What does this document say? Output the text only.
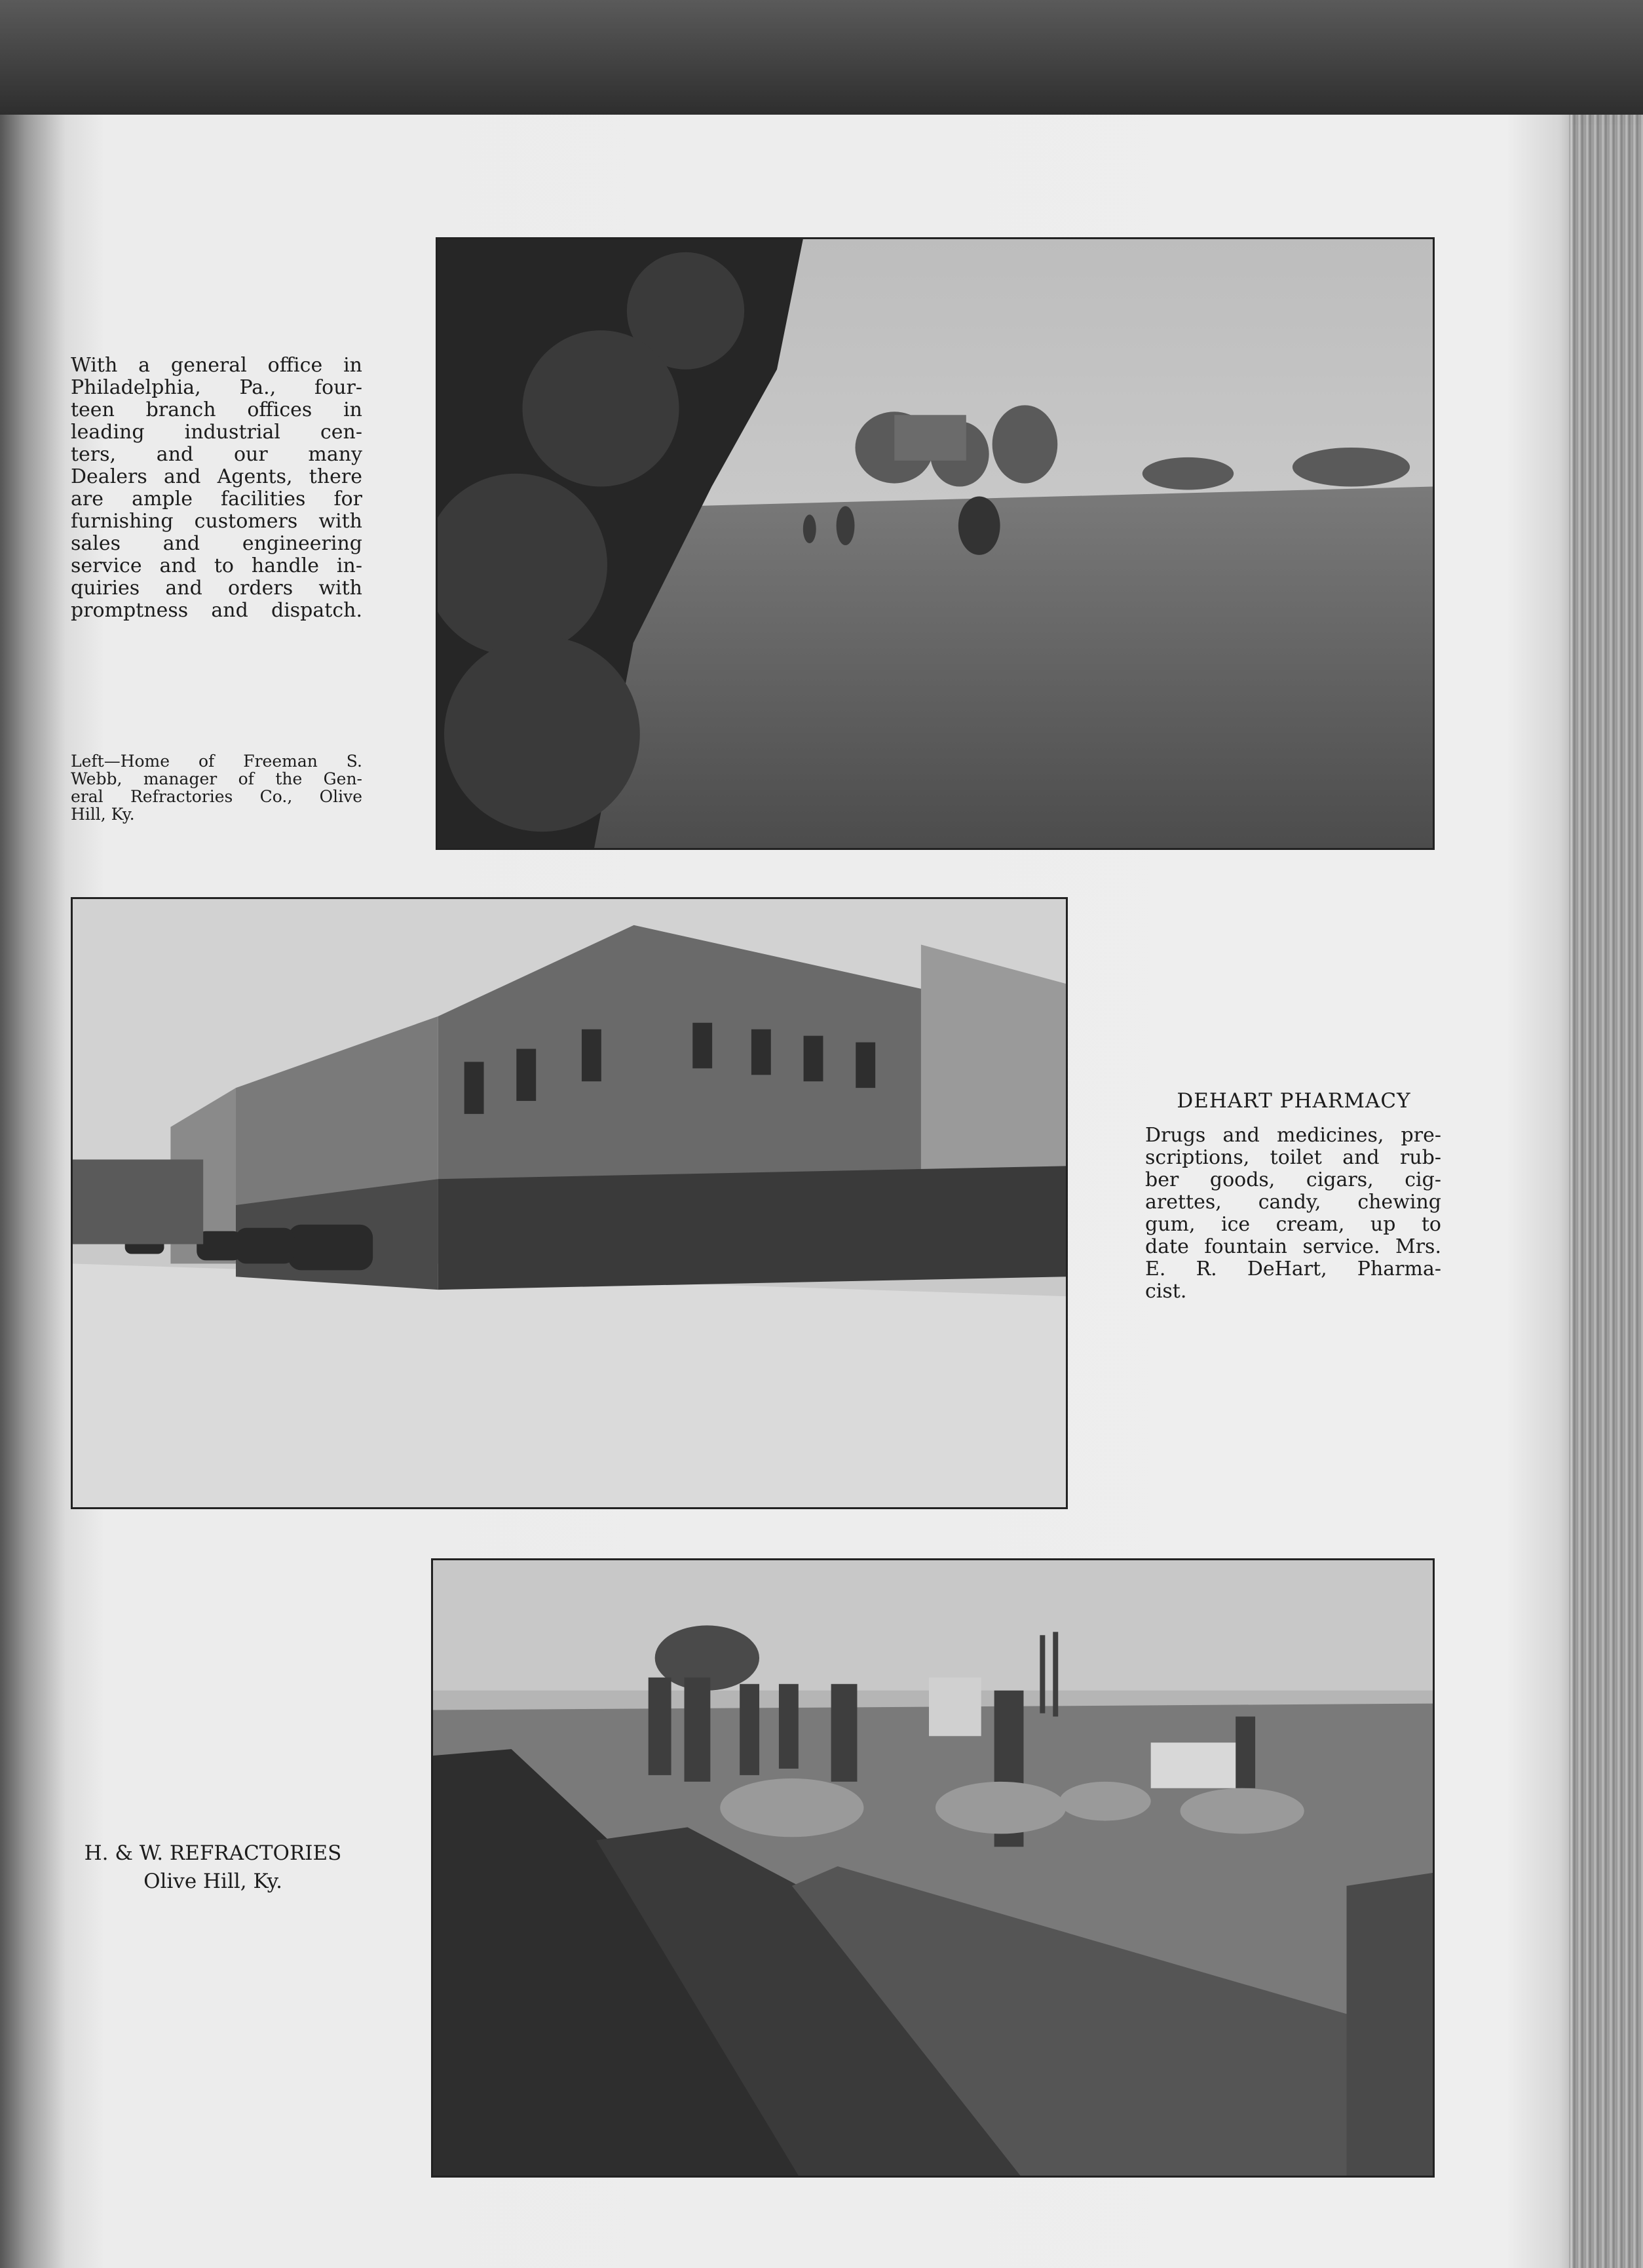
With a general office in
Philadelphia, Pa., four-
teen branch offices in
leading industrial cen-
ters, and our many
Dealers and Agents, there
are ample facilities for
furnishing customers with
sales and engineering
service and to handle in-
quiries and orders with
promptness and dispatch.
Left—Home of Freeman S.
Webb, manager of the Gen-
eral Refractories Co., Olive
Hill, Ky.
DEHART PHARMACY
Drugs and medicines, pre-
scriptions, toilet and rub-
ber goods, cigars, cig-
arettes, candy, chewing
gum, ice cream, up to
date fountain service. Mrs.
E. R. DeHart, Pharma-
cist.
H. & W. REFRACTORIES
Olive Hill, Ky.
